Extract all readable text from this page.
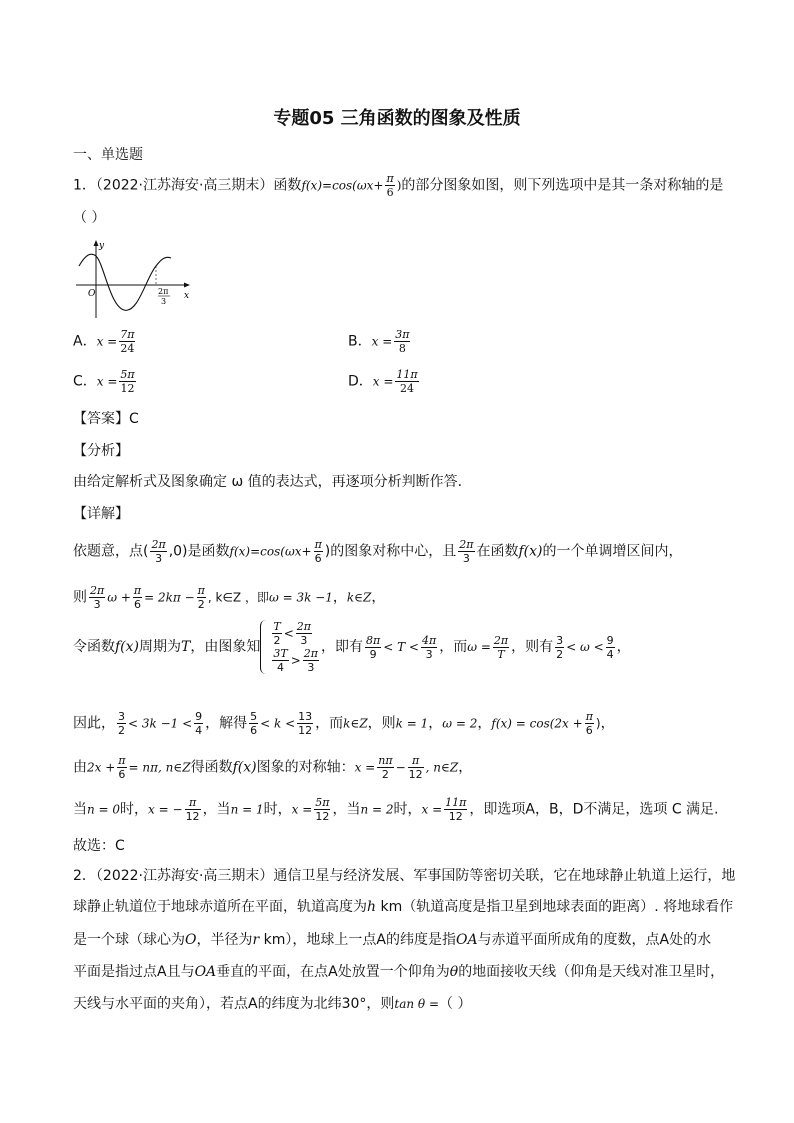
专题05 三角函数的图象及性质
一、单选题
1．（2022·江苏海安·高三期末）函数$f(x)=\cos(\omega x+ \frac{\pi}{6}$ )的部分图象如图，则下列选项中是其一条对称轴的是
（ ）
y
x
O	2π
3
A．$x = \frac{7\pi}{24}$	B．$x = \frac{3\pi}{8}$
C．$x = \frac{5\pi}{12}$	D．$x = \frac{11\pi}{24}$
【答案】C
【分析】
由给定解析式及图象确定 ω 值的表达式，再逐项分析判断作答.
【详解】
依题意，点( $\frac{2\pi}{3} ,0$)是函数$f(x)=\cos(\omega x+ \frac{\pi}{6}$ )的图象对称中心，且 $\frac{2\pi}{3}$ 在函数f(x)的一个单调增区间内，
则 $\frac{2\pi}{3}$ $\omega + \frac{\pi}{6} = 2k\pi - \frac{\pi}{2}$ , k∈Z ，即ω = 3k −1，k∈Z，
令函数f(x)周期为T，由图象知 $\frac{T}{2} < \frac{2\pi}{3}$
$\frac{3T}{4} > \frac{2\pi}{3}$ ，即有 $\frac{8\pi}{9} < T < \frac{4\pi}{3}$ ，而$\omega = \frac{2\pi}{T}$ ，则有 $\frac{3}{2} < \omega < \frac{9}{4}$ ，
因此， $\frac{3}{2} < 3k -1 < \frac{9}{4}$ ，解得 $\frac{5}{6} < k < \frac{13}{12}$ ，而k∈Z，则k = 1，ω = 2，$f(x) = \cos(2x + \frac{\pi}{6}$ )，
由$2x + \frac{\pi}{6} = n\pi$, n∈Z得函数f(x)图象的对称轴：$x = \frac{n\pi}{2} - \frac{\pi}{12}$ , n∈Z，
当n = 0时，x = − $\frac{\pi}{12}$ ，当n = 1时，$x = \frac{5\pi}{12}$ ，当n = 2时，$x = \frac{11\pi}{12}$ ，即选项A，B，D不满足，选项 C 满足.
故选：C
2．（2022·江苏海安·高三期末）通信卫星与经济发展、军事国防等密切关联，它在地球静止轨道上运行，地
球静止轨道位于地球赤道所在平面，轨道高度为h km（轨道高度是指卫星到地球表面的距离）. 将地球看作
是一个球（球心为O，半径为r km），地球上一点A的纬度是指OA与赤道平面所成角的度数，点A处的水
平面是指过点A且与OA垂直的平面，在点A处放置一个仰角为θ的地面接收天线（仰角是天线对准卫星时，
天线与水平面的夹角），若点A的纬度为北纬30°，则tan θ =（ ）
